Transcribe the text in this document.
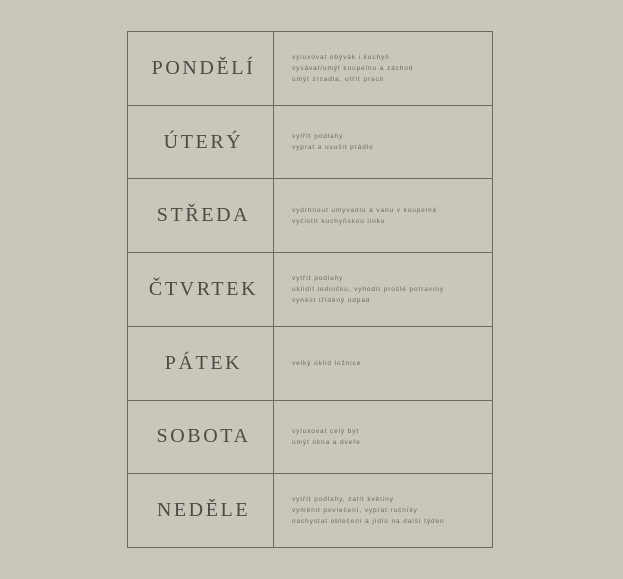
PONDĚLÍ	vyluxovat obývák i kuchyň
vysávat/umýt koupelnu a záchod
umýt zrcadla, utřít prach
ÚTERÝ	vytřít podlahy
vyprat a usušit prádlo
STŘEDA	vydrhnout umyvadlo a vanu v koupelně
vyčistit kuchyňskou linku
ČTVRTEK	vytřít podlahy
uklidit ledničku, vyhodit prošlé potraviny
vynést tříděný odpad
PÁTEK	velký úklid ložnice
SOBOTA	vyluxovat celý byt
umýt okna a dveře
NEDĚLE	vytřít podlahy, zalít květiny
vyměnit povlečení, vyprat ručníky
nachystat oblečení a jídlo na další týden
